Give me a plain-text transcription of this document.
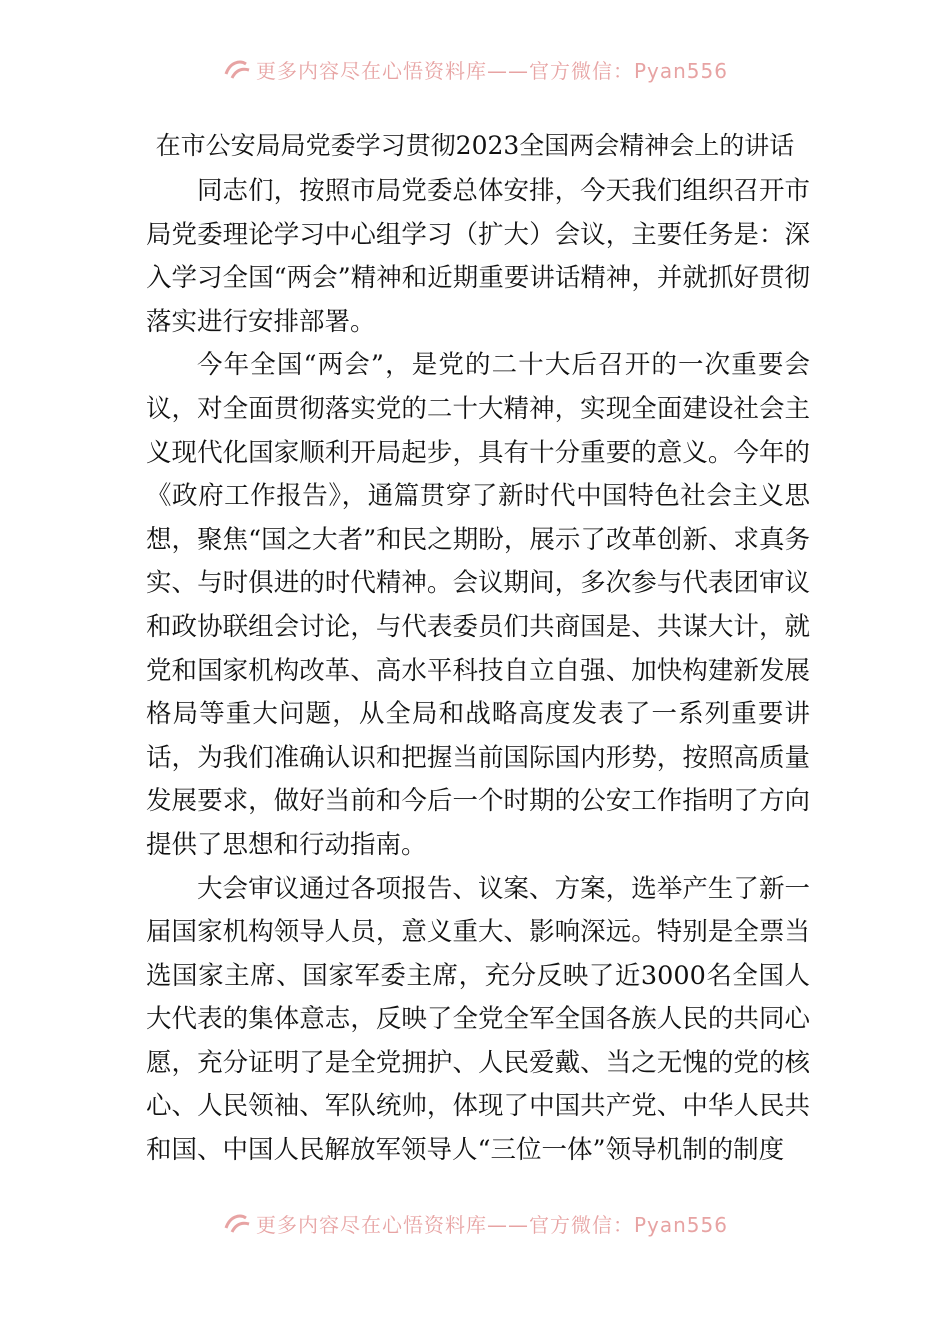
更多内容尽在心悟资料库——官方微信：Pyan556
在市公安局局党委学习贯彻2023全国两会精神会上的讲话

同志们，按照市局党委总体安排，今天我们组织召开市局党委理论学习中心组学习（扩大）会议，主要任务是：深入学习全国“两会”精神和近期重要讲话精神，并就抓好贯彻落实进行安排部署。

今年全国“两会”，是党的二十大后召开的一次重要会议，对全面贯彻落实党的二十大精神，实现全面建设社会主义现代化国家顺利开局起步，具有十分重要的意义。今年的《政府工作报告》，通篇贯穿了新时代中国特色社会主义思想，聚焦“国之大者”和民之期盼，展示了改革创新、求真务实、与时俱进的时代精神。会议期间，多次参与代表团审议和政协联组会讨论，与代表委员们共商国是、共谋大计，就党和国家机构改革、高水平科技自立自强、加快构建新发展格局等重大问题，从全局和战略高度发表了一系列重要讲话，为我们准确认识和把握当前国际国内形势，按照高质量发展要求，做好当前和今后一个时期的公安工作指明了方向提供了思想和行动指南。

大会审议通过各项报告、议案、方案，选举产生了新一届国家机构领导人员，意义重大、影响深远。特别是全票当选国家主席、国家军委主席，充分反映了近3000名全国人大代表的集体意志，反映了全党全军全国各族人民的共同心愿，充分证明了是全党拥护、人民爱戴、当之无愧的党的核心、人民领袖、军队统帅，体现了中国共产党、中华人民共和国、中国人民解放军领导人“三位一体”领导机制的制度

更多内容尽在心悟资料库——官方微信：Pyan556
